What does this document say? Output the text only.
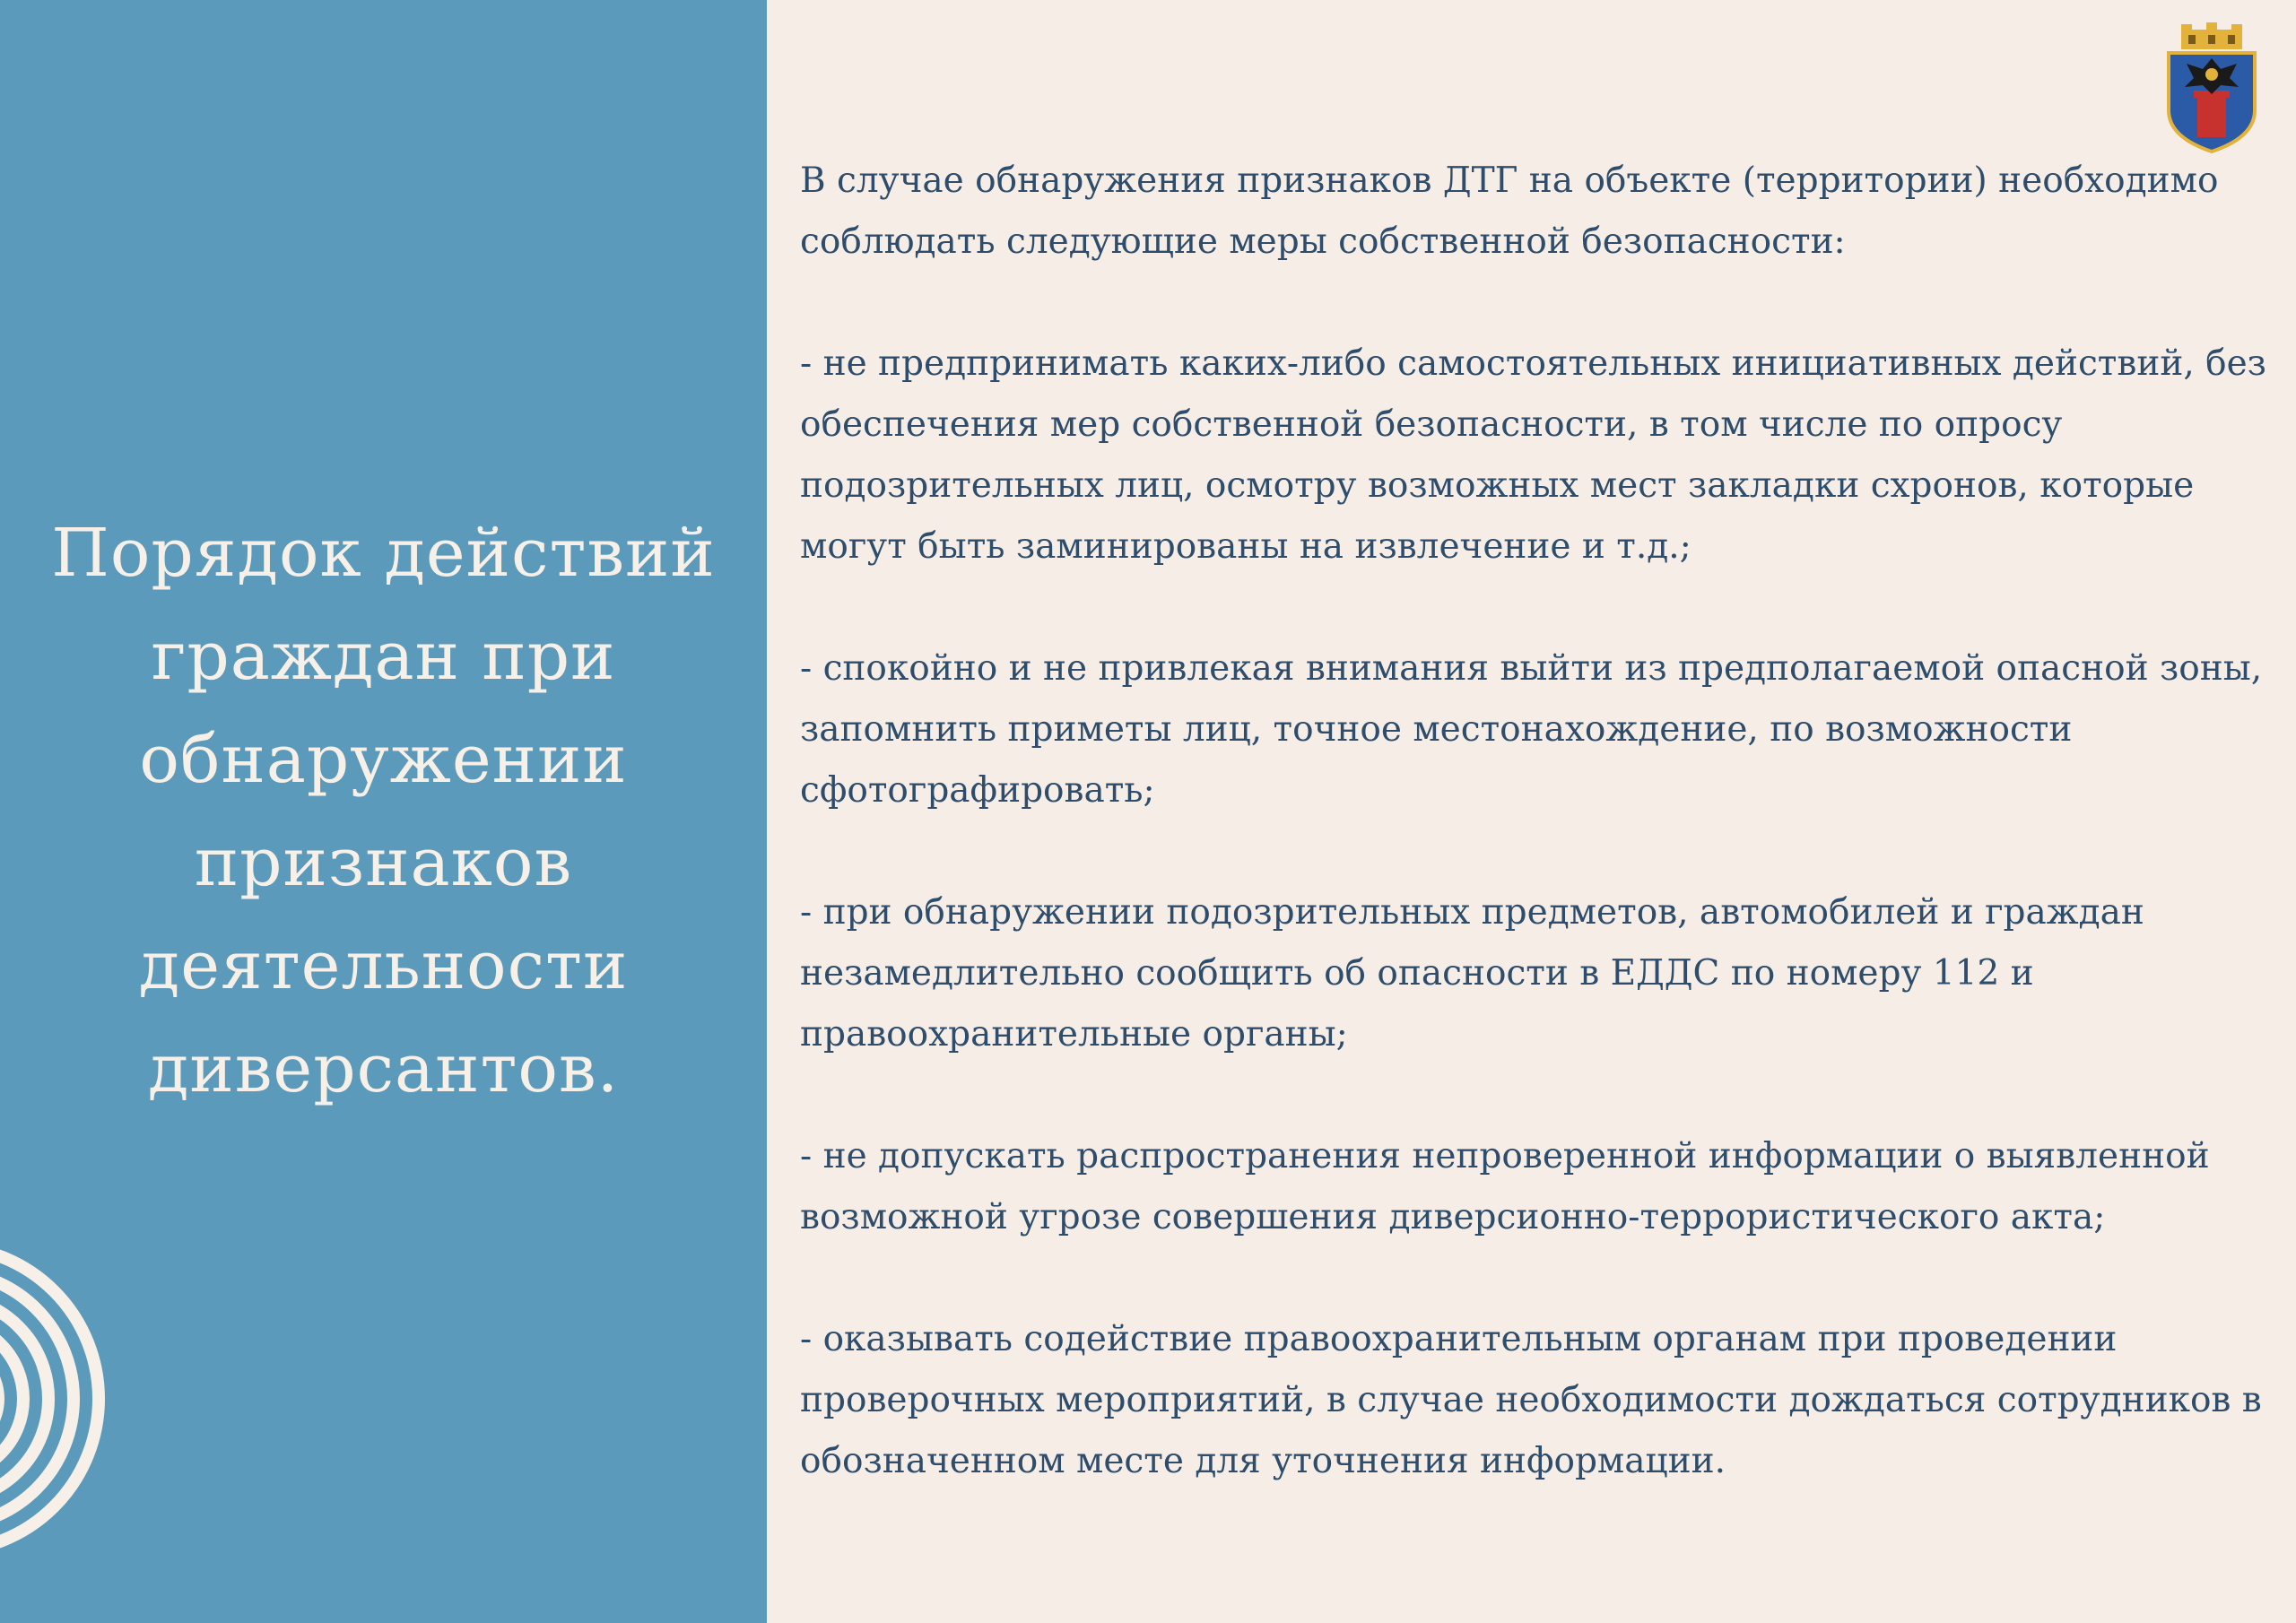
Порядок действий граждан при обнаружении признаков деятельности диверсантов.

В случае обнаружения признаков ДТГ на объекте (территории) необходимо соблюдать следующие меры собственной безопасности:

- не предпринимать каких-либо самостоятельных инициативных действий, без обеспечения мер собственной безопасности, в том числе по опросу подозрительных лиц, осмотру возможных мест закладки схронов, которые могут быть заминированы на извлечение и т.д.;

- спокойно и не привлекая внимания выйти из предполагаемой опасной зоны, запомнить приметы лиц, точное местонахождение, по возможности сфотографировать;

- при обнаружении подозрительных предметов, автомобилей и граждан незамедлительно сообщить об опасности в ЕДДС по номеру 112 и правоохранительные органы;

- не допускать распространения непроверенной информации о выявленной возможной угрозе совершения диверсионно-террористического акта;

- оказывать содействие правоохранительным органам при проведении проверочных мероприятий, в случае необходимости дождаться сотрудников в обозначенном месте для уточнения информации.
